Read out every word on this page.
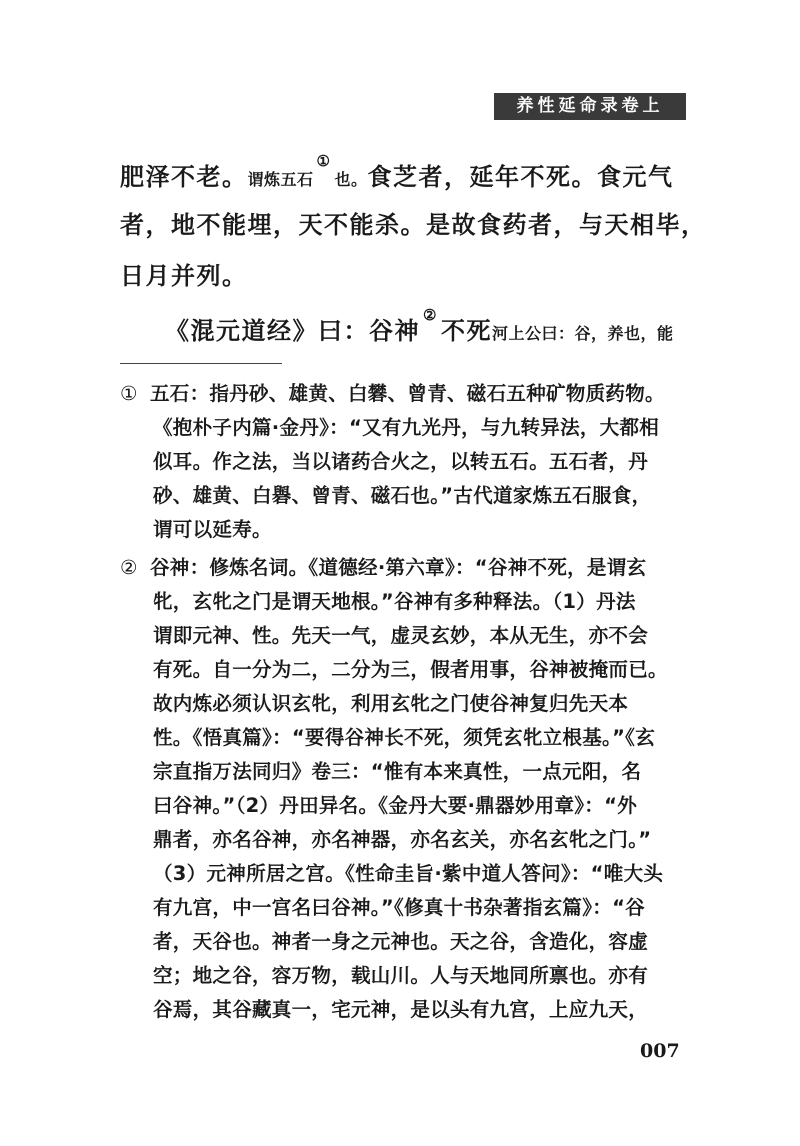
养性延命录卷上
肥泽不老。谓炼五石①也。食芝者，延年不死。食元气
者，地不能埋，天不能杀。是故食药者，与天相毕，
日月并列。
《混元道经》曰：谷神②不死河上公曰：谷，养也，能
① 五石：指丹砂、雄黄、白礬、曾青、磁石五种矿物质药物。
《抱朴子内篇·金丹》：“又有九光丹，与九转异法，大都相
似耳。作之法，当以诸药合火之，以转五石。五石者，丹
砂、雄黄、白礜、曾青、磁石也。”古代道家炼五石服食，
谓可以延寿。
② 谷神：修炼名词。《道德经·第六章》：“谷神不死，是谓玄
牝，玄牝之门是谓天地根。”谷神有多种释法。（1）丹法
谓即元神、性。先天一气，虚灵玄妙，本从无生，亦不会
有死。自一分为二，二分为三，假者用事，谷神被掩而已。
故内炼必须认识玄牝，利用玄牝之门使谷神复归先天本
性。《悟真篇》：“要得谷神长不死，须凭玄牝立根基。”《玄
宗直指万法同归》卷三：“惟有本来真性，一点元阳，名
曰谷神。”（2）丹田异名。《金丹大要·鼎器妙用章》：“外
鼎者，亦名谷神，亦名神器，亦名玄关，亦名玄牝之门。”
（3）元神所居之宫。《性命圭旨·紫中道人答问》：“唯大头
有九宫，中一宫名曰谷神。”《修真十书杂著指玄篇》：“谷
者，天谷也。神者一身之元神也。天之谷，含造化，容虚
空；地之谷，容万物，载山川。人与天地同所禀也。亦有
谷焉，其谷藏真一，宅元神，是以头有九宫，上应九天，
007
